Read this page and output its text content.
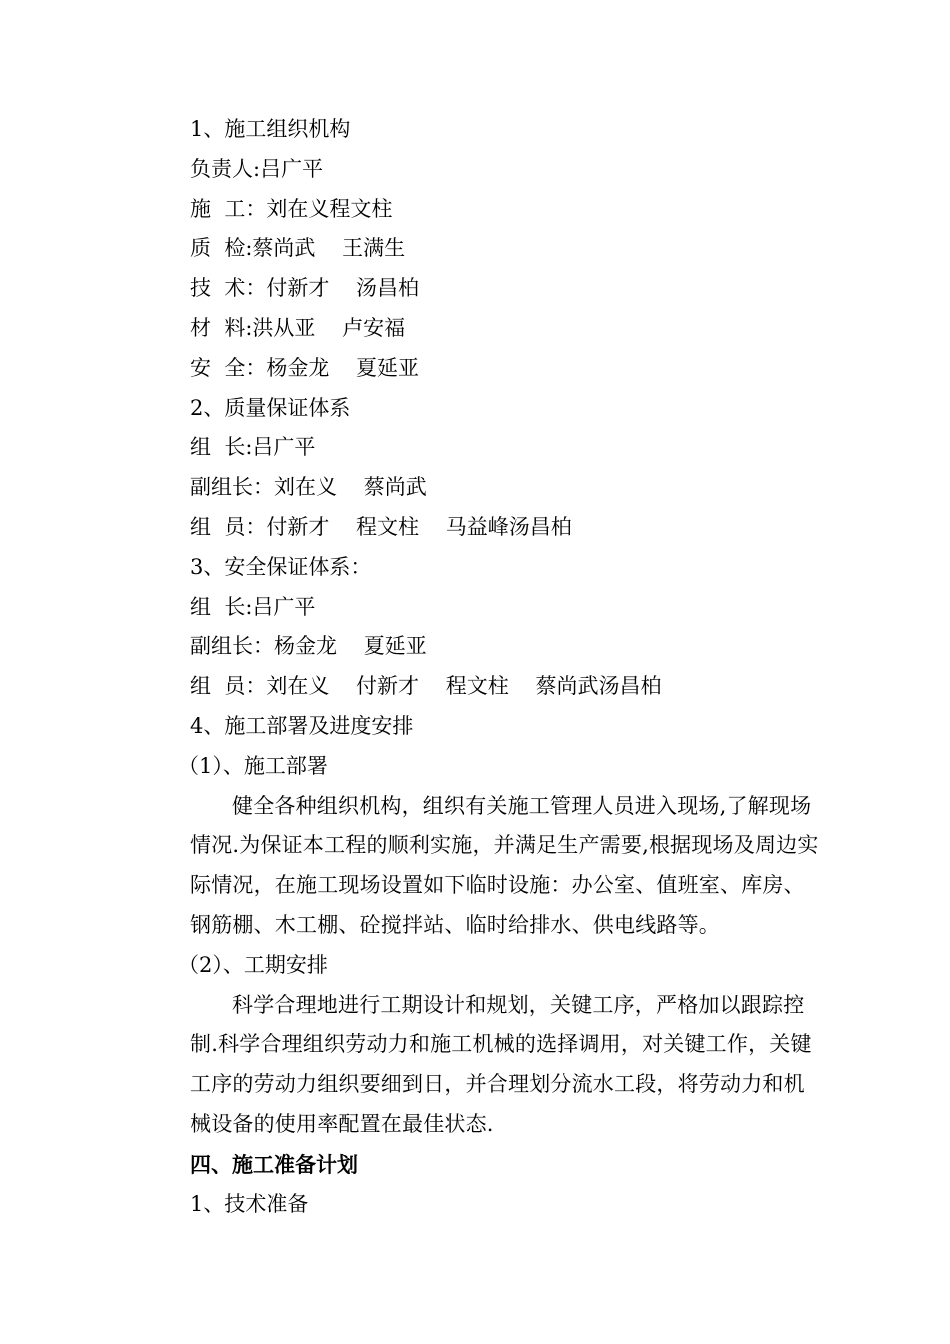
1、施工组织机构

负责人:吕广平

施  工：刘在义程文柱

质  检:蔡尚武    王满生

技  术：付新才    汤昌柏

材  料:洪从亚    卢安福

安  全：杨金龙    夏延亚

2、质量保证体系

组  长:吕广平

副组长：刘在义    蔡尚武

组  员：付新才    程文柱    马益峰汤昌柏

3、安全保证体系：

组  长:吕广平

副组长：杨金龙    夏延亚

组  员：刘在义    付新才    程文柱    蔡尚武汤昌柏

4、施工部署及进度安排

（1）、施工部署

健全各种组织机构，组织有关施工管理人员进入现场,了解现场
情况.为保证本工程的顺利实施，并满足生产需要,根据现场及周边实
际情况，在施工现场设置如下临时设施：办公室、值班室、库房、
钢筋棚、木工棚、砼搅拌站、临时给排水、供电线路等。

（2）、工期安排

科学合理地进行工期设计和规划，关键工序，严格加以跟踪控
制.科学合理组织劳动力和施工机械的选择调用，对关键工作，关键
工序的劳动力组织要细到日，并合理划分流水工段，将劳动力和机
械设备的使用率配置在最佳状态.

四、施工准备计划

1、技术准备
